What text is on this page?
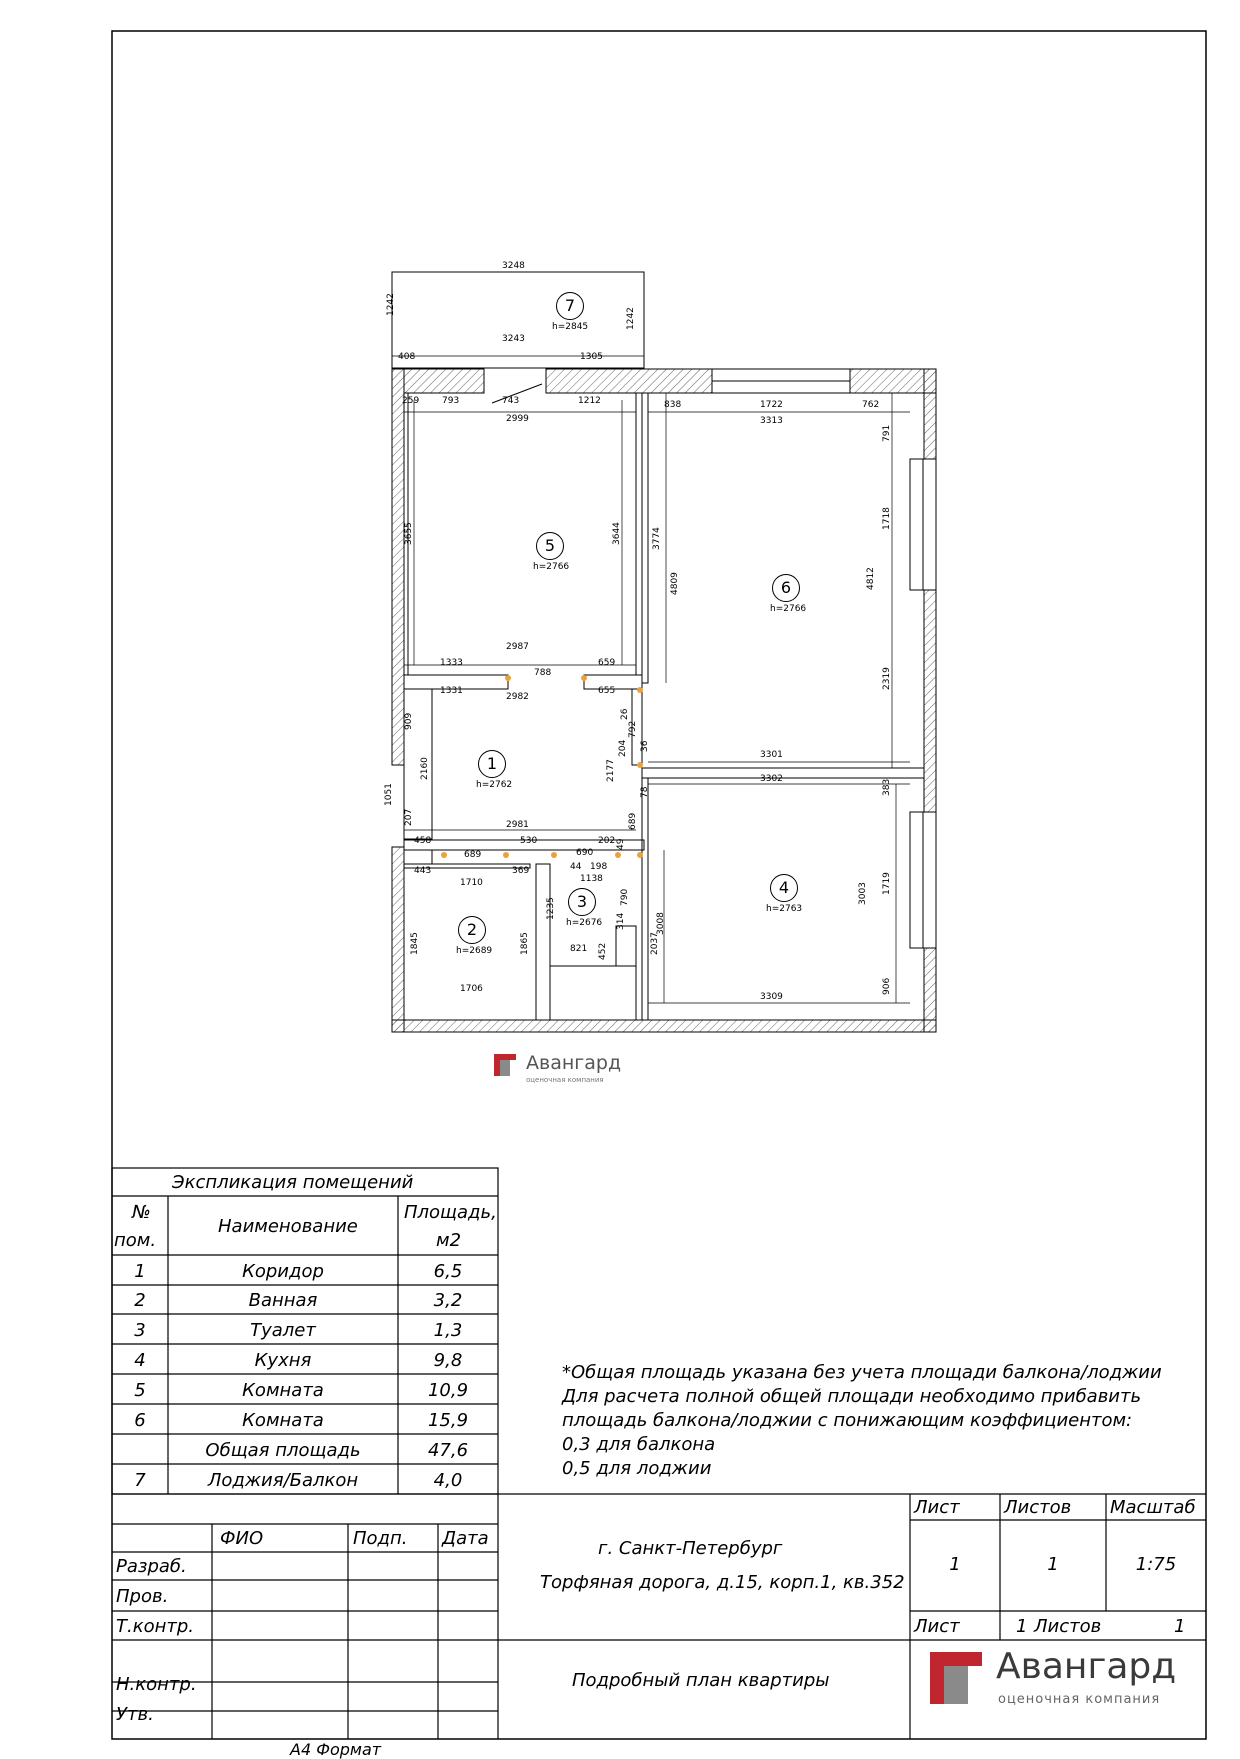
7
h=2845
5
h=2766
6
h=2766
1
h=2762
4
h=2763
3
h=2676
2
h=2689
3248
3243
408	1305
259	793	743	1212
2999
838	1722	762
3313
2987
1333
788
659
1331
2982
655
3301
3302
2981
458
689
530
690
202
443	369	44 198
1138
1710
821
1706
3309
1242
1242
791
3655	3644	3774
4809
1718
4812
2319
26
909	792
204 36
2160	2177
1051	78	383
207	689
49
790
1235
3008
3003 1719
314
1845	1865	452	2037
906
Авангард
оценочная компания
Экспликация помещений
№
пом.
Наименование
Площадь,
м2
1	Коридор	6,5
2	Ванная	3,2
3	Туалет	1,3
4	Кухня	9,8
5	Комната	10,9
6	Комната	15,9
Общая площадь	47,6
7	Лоджия/Балкон	4,0
*Общая площадь указана без учета площади балкона/лоджии
Для расчета полной общей площади необходимо прибавить
площадь балкона/лоджии с понижающим коэффициентом:
0,3 для балкона
0,5 для лоджии
ФИО	Подп. Дата
Разраб.
Пров.
Т.контр.
Н.контр.
Утв.
г. Санкт-Петербург
Торфяная дорога, д.15, корп.1, кв.352
Подробный план квартиры
Лист Листов Масштаб
1	1	1:75
Лист	1 Листов	1
Авангард
оценочная компания
А4 Формат
